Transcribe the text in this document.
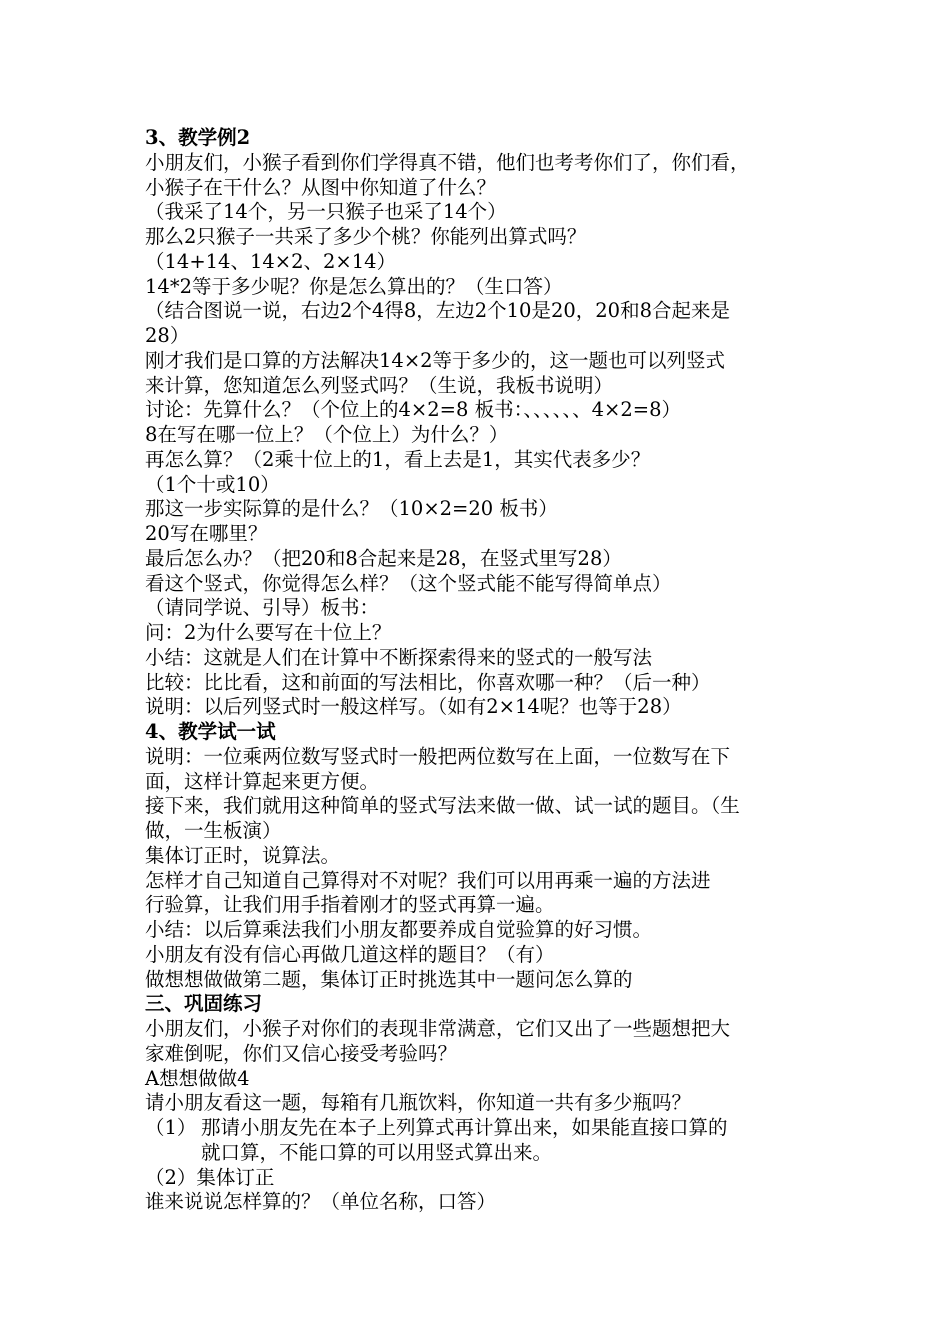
3、教学例2
小朋友们，小猴子看到你们学得真不错，他们也考考你们了，你们看，
小猴子在干什么？从图中你知道了什么？
（我采了14个，另一只猴子也采了14个）
那么2只猴子一共采了多少个桃？你能列出算式吗？
（14+14、14×2、2×14）
14*2等于多少呢？你是怎么算出的？（生口答）
（结合图说一说，右边2个4得8，左边2个10是20，20和8合起来是
28）
刚才我们是口算的方法解决14×2等于多少的，这一题也可以列竖式
来计算，您知道怎么列竖式吗？（生说，我板书说明）
讨论：先算什么？（个位上的4×2=8 板书：、、、、、、4×2=8）
8在写在哪一位上？（个位上）为什么？）
再怎么算？（2乘十位上的1，看上去是1，其实代表多少？
（1个十或10）
那这一步实际算的是什么？（10×2=20 板书）
20写在哪里？
最后怎么办？（把20和8合起来是28，在竖式里写28）
看这个竖式，你觉得怎么样？（这个竖式能不能写得简单点）
（请同学说、引导）板书：
问：2为什么要写在十位上？
小结：这就是人们在计算中不断探索得来的竖式的一般写法
比较：比比看，这和前面的写法相比，你喜欢哪一种？（后一种）
说明：以后列竖式时一般这样写。（如有2×14呢？也等于28）
4、教学试一试
说明：一位乘两位数写竖式时一般把两位数写在上面，一位数写在下
面，这样计算起来更方便。
接下来，我们就用这种简单的竖式写法来做一做、试一试的题目。（生
做，一生板演）
集体订正时，说算法。
怎样才自己知道自己算得对不对呢？我们可以用再乘一遍的方法进
行验算，让我们用手指着刚才的竖式再算一遍。
小结：以后算乘法我们小朋友都要养成自觉验算的好习惯。
小朋友有没有信心再做几道这样的题目？（有）
做想想做做第二题，集体订正时挑选其中一题问怎么算的
三、巩固练习
小朋友们，小猴子对你们的表现非常满意，它们又出了一些题想把大
家难倒呢，你们又信心接受考验吗？
A想想做做4
请小朋友看这一题，每箱有几瓶饮料，你知道一共有多少瓶吗？
（1） 那请小朋友先在本子上列算式再计算出来，如果能直接口算的
就口算，不能口算的可以用竖式算出来。
（2）集体订正
谁来说说怎样算的？（单位名称，口答）
